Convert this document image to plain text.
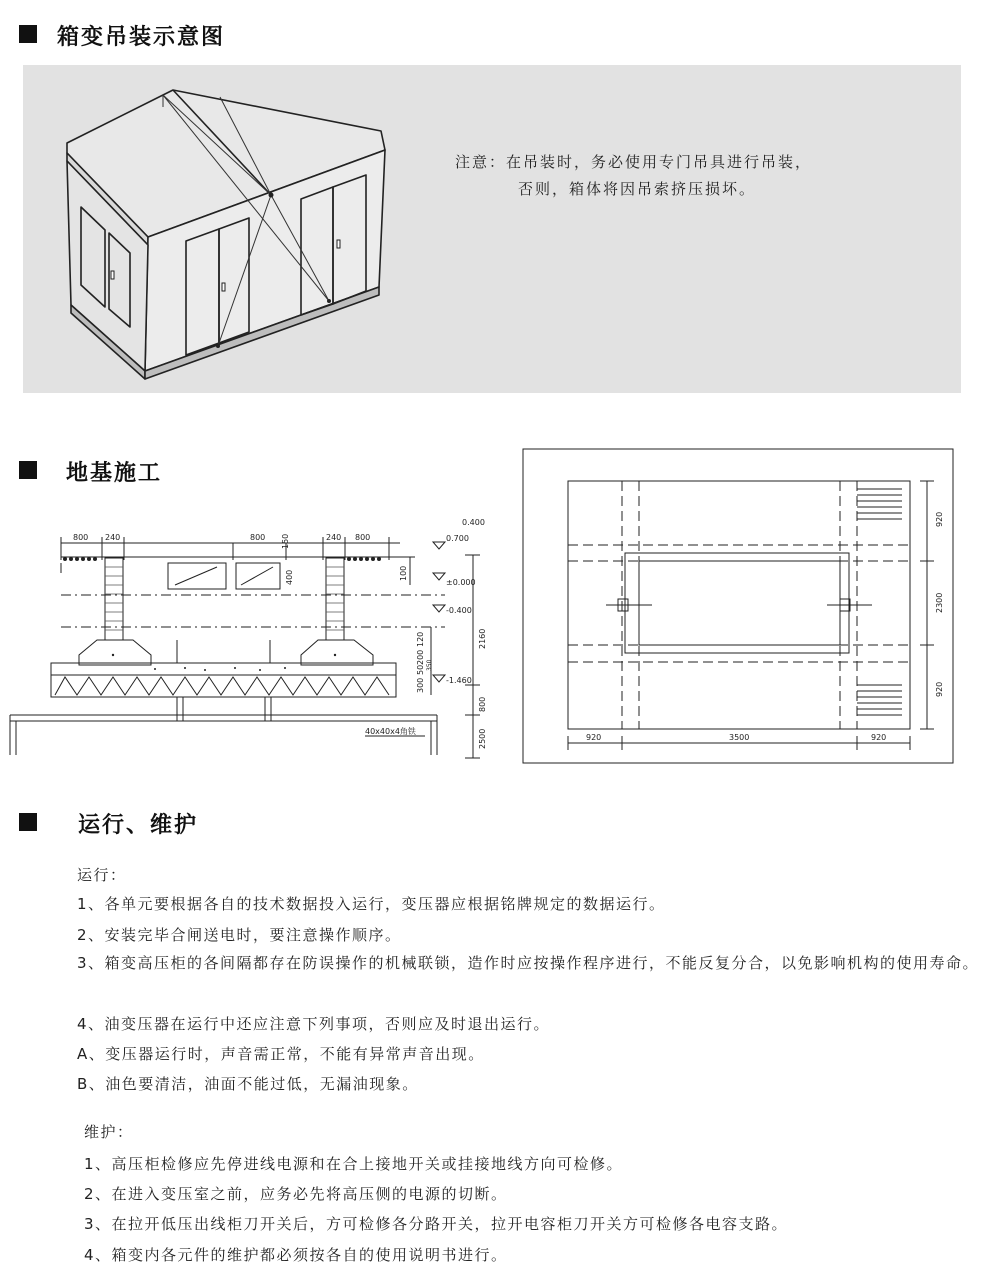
箱变吊装示意图
注意：在吊装时，务必使用专门吊具进行吊装，
否则，箱体将因吊索挤压损坏。
地基施工
800 240	800 150	240 800
400	100
0.400
0.700
±0.000
-0.400
-1.460
2160
800
2500
120
200
50 350
300
40x40x4角铁
920
2300
920
920	3500	920
运行、维护
运行：
1、各单元要根据各自的技术数据投入运行，变压器应根据铭牌规定的数据运行。
2、安装完毕合闸送电时，要注意操作顺序。
3、箱变高压柜的各间隔都存在防误操作的机械联锁，造作时应按操作程序进行，不能反复分合，以免影响机构的使用寿命。
4、油变压器在运行中还应注意下列事项，否则应及时退出运行。
A、变压器运行时，声音需正常，不能有异常声音出现。
B、油色要清洁，油面不能过低，无漏油现象。
维护：
1、高压柜检修应先停进线电源和在合上接地开关或挂接地线方向可检修。
2、在进入变压室之前，应务必先将高压侧的电源的切断。
3、在拉开低压出线柜刀开关后，方可检修各分路开关，拉开电容柜刀开关方可检修各电容支路。
4、箱变内各元件的维护都必须按各自的使用说明书进行。
